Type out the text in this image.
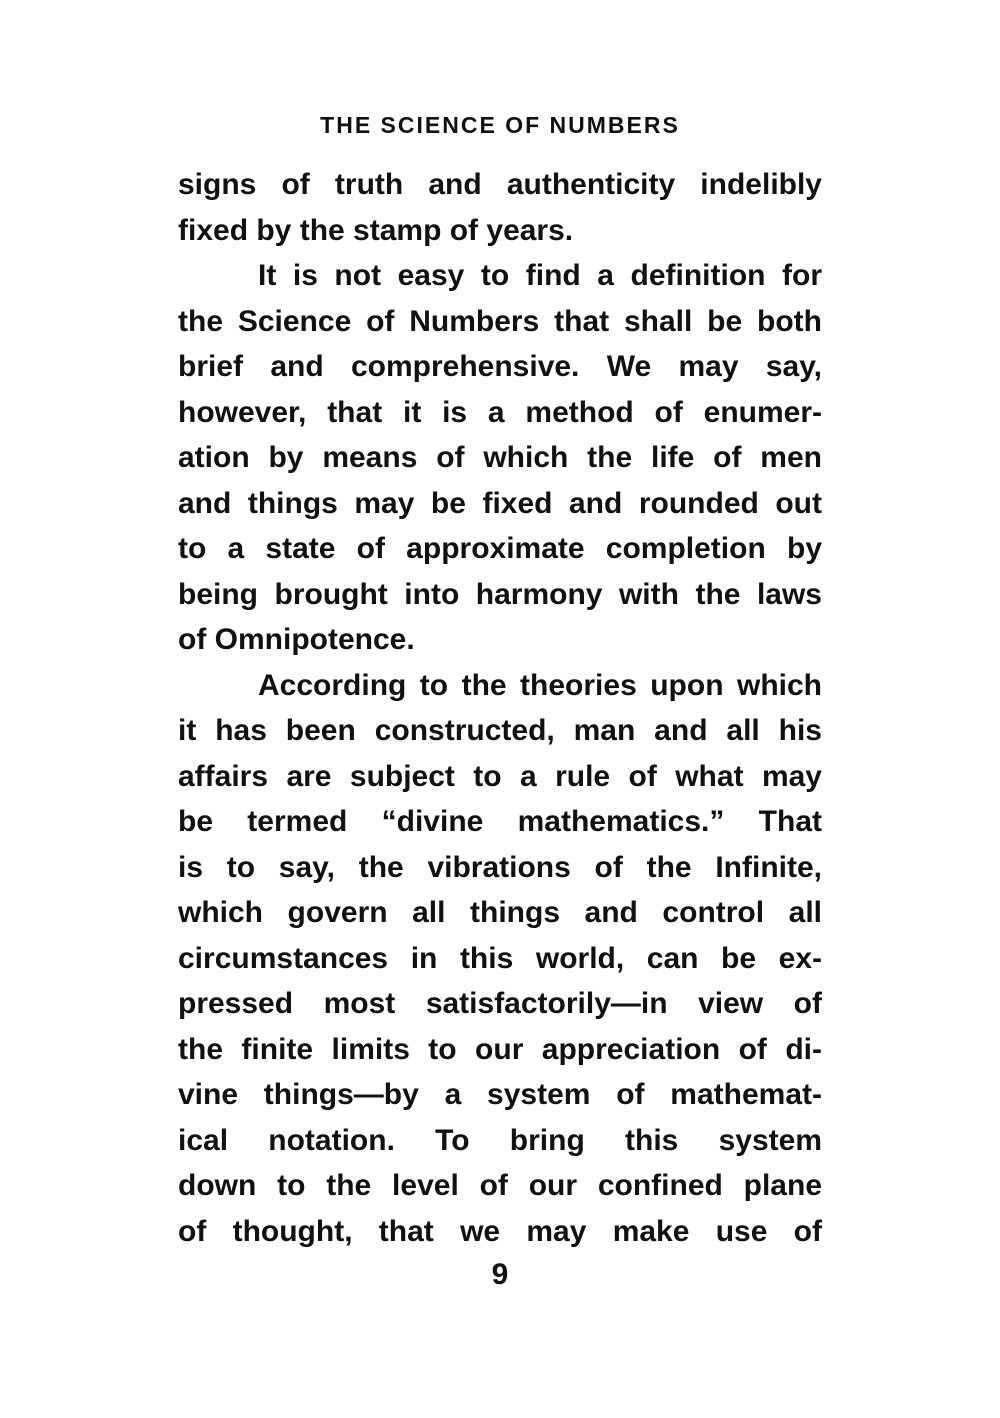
THE SCIENCE OF NUMBERS
signs of truth and authenticity indelibly
fixed by the stamp of years.
It is not easy to find a definition for
the Science of Numbers that shall be both
brief and comprehensive. We may say,
however, that it is a method of enumer-
ation by means of which the life of men
and things may be fixed and rounded out
to a state of approximate completion by
being brought into harmony with the laws
of Omnipotence.
According to the theories upon which
it has been constructed, man and all his
affairs are subject to a rule of what may
be termed “divine mathematics.” That
is to say, the vibrations of the Infinite,
which govern all things and control all
circumstances in this world, can be ex-
pressed most satisfactorily—in view of
the finite limits to our appreciation of di-
vine things—by a system of mathemat-
ical notation. To bring this system
down to the level of our confined plane
of thought, that we may make use of
9
